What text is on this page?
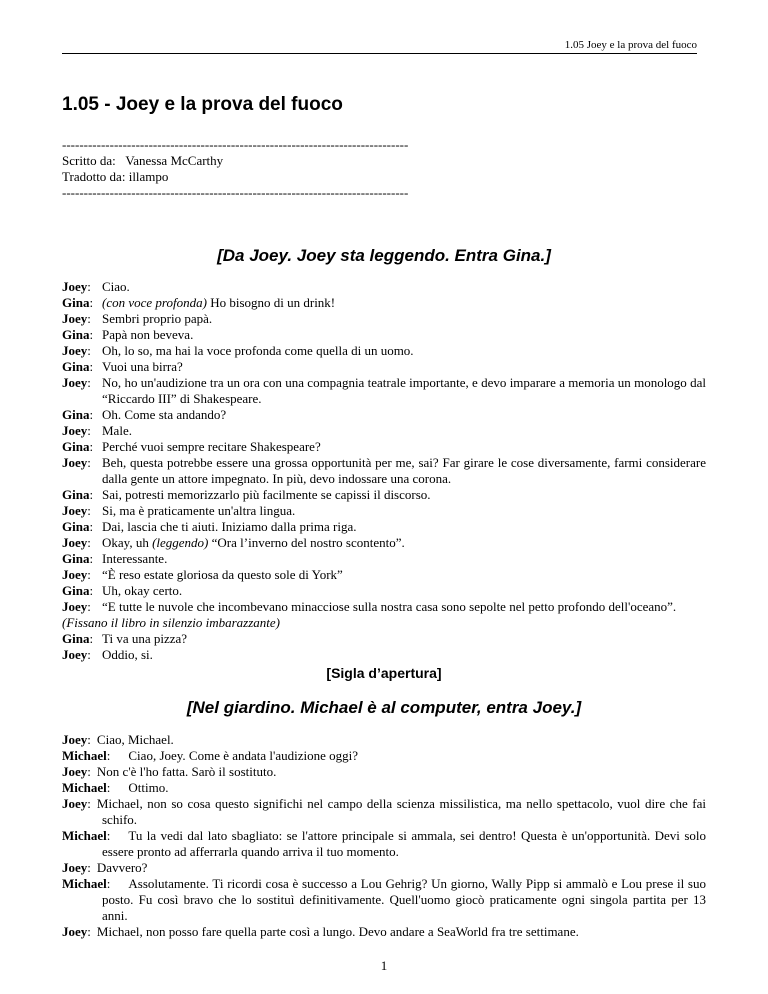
1.05 Joey e la prova del fuoco
1.05 - Joey e la prova del fuoco
--------------------------------------------------------------------------------
Scritto da: Vanessa McCarthy
Tradotto da: illampo
--------------------------------------------------------------------------------
[Da Joey. Joey sta leggendo. Entra Gina.]
Joey: Ciao.
Gina: (con voce profonda) Ho bisogno di un drink!
Joey: Sembri proprio papà.
Gina: Papà non beveva.
Joey: Oh, lo so, ma hai la voce profonda come quella di un uomo.
Gina: Vuoi una birra?
Joey: No, ho un'audizione tra un ora con una compagnia teatrale importante, e devo imparare a memoria un monologo dal “Riccardo III” di Shakespeare.
Gina: Oh. Come sta andando?
Joey: Male.
Gina: Perché vuoi sempre recitare Shakespeare?
Joey: Beh, questa potrebbe essere una grossa opportunità per me, sai? Far girare le cose diversamente, farmi considerare dalla gente un attore impegnato. In più, devo indossare una corona.
Gina: Sai, potresti memorizzarlo più facilmente se capissi il discorso.
Joey: Si, ma è praticamente un'altra lingua.
Gina: Dai, lascia che ti aiuti. Iniziamo dalla prima riga.
Joey: Okay, uh (leggendo) “Ora l’inverno del nostro scontento”.
Gina: Interessante.
Joey: “È reso estate gloriosa da questo sole di York”
Gina: Uh, okay certo.
Joey: “E tutte le nuvole che incombevano minacciose sulla nostra casa sono sepolte nel petto profondo dell'oceano”.
(Fissano il libro in silenzio imbarazzante)
Gina: Ti va una pizza?
Joey: Oddio, si.
[Sigla d’apertura]
[Nel giardino. Michael è al computer, entra Joey.]
Joey: Ciao, Michael.
Michael: Ciao, Joey. Come è andata l'audizione oggi?
Joey: Non c'è l'ho fatta. Sarò il sostituto.
Michael: Ottimo.
Joey: Michael, non so cosa questo significhi nel campo della scienza missilistica, ma nello spettacolo, vuol dire che fai schifo.
Michael: Tu la vedi dal lato sbagliato: se l'attore principale si ammala, sei dentro! Questa è un'opportunità. Devi solo essere pronto ad afferrarla quando arriva il tuo momento.
Joey: Davvero?
Michael: Assolutamente. Ti ricordi cosa è successo a Lou Gehrig? Un giorno, Wally Pipp si ammalò e Lou prese il suo posto. Fu così bravo che lo sostituì definitivamente. Quell'uomo giocò praticamente ogni singola partita per 13 anni.
Joey: Michael, non posso fare quella parte così a lungo. Devo andare a SeaWorld fra tre settimane.
1
